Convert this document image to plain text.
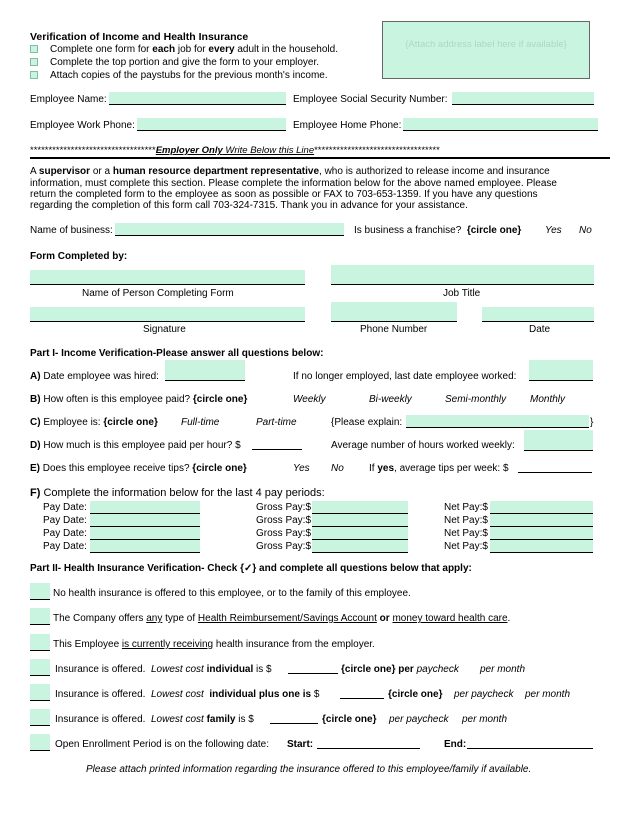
Verification of Income and Health Insurance
Complete one form for each job for every adult in the household.
Complete the top portion and give the form to your employer.
Attach copies of the paystubs for the previous month's income.
{Attach address label here if available}
Employee Name:	Employee Social Security Number:
Employee Work Phone:	Employee Home Phone:
**********************************Employer Only Write Below this Line**********************************
A supervisor or a human resource department representative, who is authorized to release income and insurance
information, must complete this section. Please complete the information below for the above named employee. Please
return the completed form to the employee as soon as possible or FAX to 703-653-1359. If you have any questions
regarding the completion of this form call 703-324-7315. Thank you in advance for your assistance.
Name of business:	Is business a franchise? {circle one} Yes No
Form Completed by:
Name of Person Completing Form	Job Title
Signature	Phone Number	Date
Part I- Income Verification-Please answer all questions below:
A) Date employee was hired:	If no longer employed, last date employee worked:
B) How often is this employee paid? {circle one}	Weekly	Bi-weekly	Semi-monthly Monthly
C) Employee is: {circle one} Full-time	Part-time	{Please explain:	}
D) How much is this employee paid per hour? $	Average number of hours worked weekly:
E) Does this employee receive tips? {circle one}	Yes No	If yes, average tips per week: $
F) Complete the information below for the last 4 pay periods:
Pay Date:	Gross Pay:$	Net Pay:$
Pay Date:	Gross Pay:$	Net Pay:$
Pay Date:	Gross Pay:$	Net Pay:$
Pay Date:	Gross Pay:$	Net Pay:$
Part II- Health Insurance Verification- Check {✓} and complete all questions below that apply:
No health insurance is offered to this employee, or to the family of this employee.
The Company offers any type of Health Reimbursement/Savings Account or money toward health care.
This Employee is currently receiving health insurance from the employer.
Insurance is offered. Lowest cost individual is $	{circle one} per paycheck per month
Insurance is offered. Lowest cost individual plus one is $	{circle one} per paycheck per month
Insurance is offered. Lowest cost family is $	{circle one} per paycheck per month
Open Enrollment Period is on the following date: Start:	End:
Please attach printed information regarding the insurance offered to this employee/family if available.
